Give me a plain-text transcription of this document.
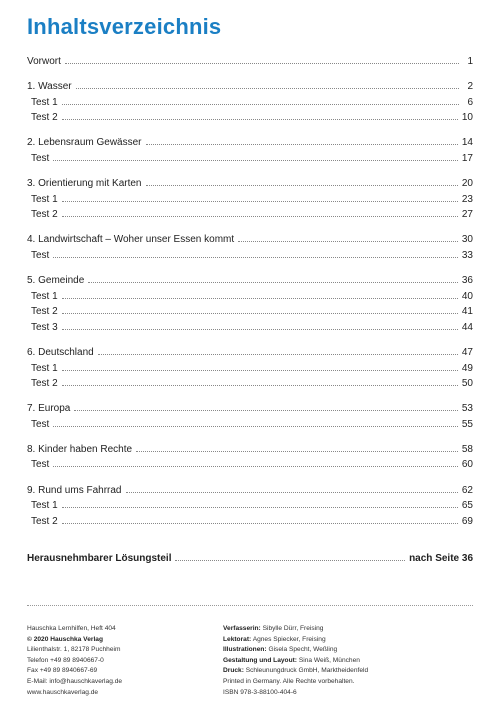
Inhaltsverzeichnis
Vorwort	1
1. Wasser	2
Test 1	6
Test 2	10
2. Lebensraum Gewässer	14
Test	17
3. Orientierung mit Karten	20
Test 1	23
Test 2	27
4. Landwirtschaft – Woher unser Essen kommt	30
Test	33
5. Gemeinde	36
Test 1	40
Test 2	41
Test 3	44
6. Deutschland	47
Test 1	49
Test 2	50
7. Europa	53
Test	55
8. Kinder haben Rechte	58
Test	60
9. Rund ums Fahrrad	62
Test 1	65
Test 2	69
Herausnehmbarer Lösungsteil	nach Seite 36
Hauschka Lernhilfen, Heft 404
© 2020 Hauschka Verlag
Lilienthalstr. 1, 82178 Puchheim
Telefon +49 89 8940667-0
Fax +49 89 8940667-69
E-Mail: info@hauschkaverlag.de
www.hauschkaverlag.de
Verfasserin: Sibylle Dürr, Freising
Lektorat: Agnes Spiecker, Freising
Illustrationen: Gisela Specht, Weßling
Gestaltung und Layout: Sina Weiß, München
Druck: Schleunungdruck GmbH, Marktheidenfeld
Printed in Germany. Alle Rechte vorbehalten.
ISBN 978-3-88100-404-6
